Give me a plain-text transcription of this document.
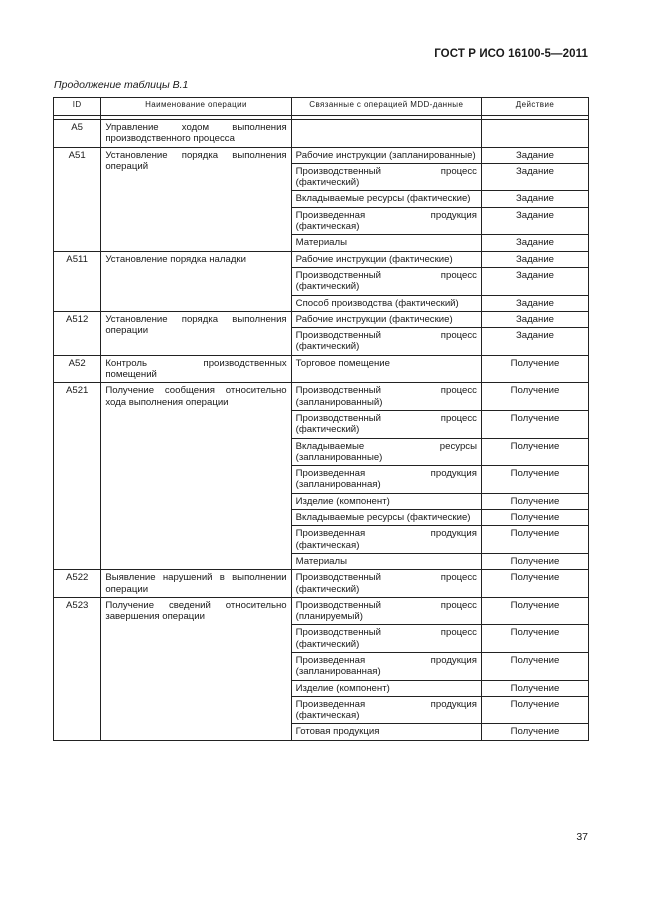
ГОСТ Р ИСО 16100-5—2011
Продолжение таблицы В.1
ID	Наименование операции	Связанные с операцией MDD-данные	Действие

A5	Управление ходом выполнения производственного процесса		
A51	Установление порядка выполнения операций	Рабочие инструкции (запланированные)	Задание
		Производственный процесс (фактический)	Задание
		Вкладываемые ресурсы (фактические)	Задание
		Произведенная продукция (фактическая)	Задание
		Материалы	Задание
A511	Установление порядка наладки	Рабочие инструкции (фактические)	Задание
		Производственный процесс (фактический)	Задание
		Способ производства (фактический)	Задание
A512	Установление порядка выполнения операции	Рабочие инструкции (фактические)	Задание
		Производственный процесс (фактический)	Задание
A52	Контроль производственных помещений	Торговое помещение	Получение
A521	Получение сообщения относительно хода выполнения операции	Производственный процесс (запланированный)	Получение
		Производственный процесс (фактический)	Получение
		Вкладываемые ресурсы (запланированные)	Получение
		Произведенная продукция (запланированная)	Получение
		Изделие (компонент)	Получение
		Вкладываемые ресурсы (фактические)	Получение
		Произведенная продукция (фактическая)	Получение
		Материалы	Получение
A522	Выявление нарушений в выполнении операции	Производственный процесс (фактический)	Получение
A523	Получение сведений относительно завершения операции	Производственный процесс (планируемый)	Получение
		Производственный процесс (фактический)	Получение
		Произведенная продукция (запланированная)	Получение
		Изделие (компонент)	Получение
		Произведенная продукция (фактическая)	Получение
		Готовая продукция	Получение
37
